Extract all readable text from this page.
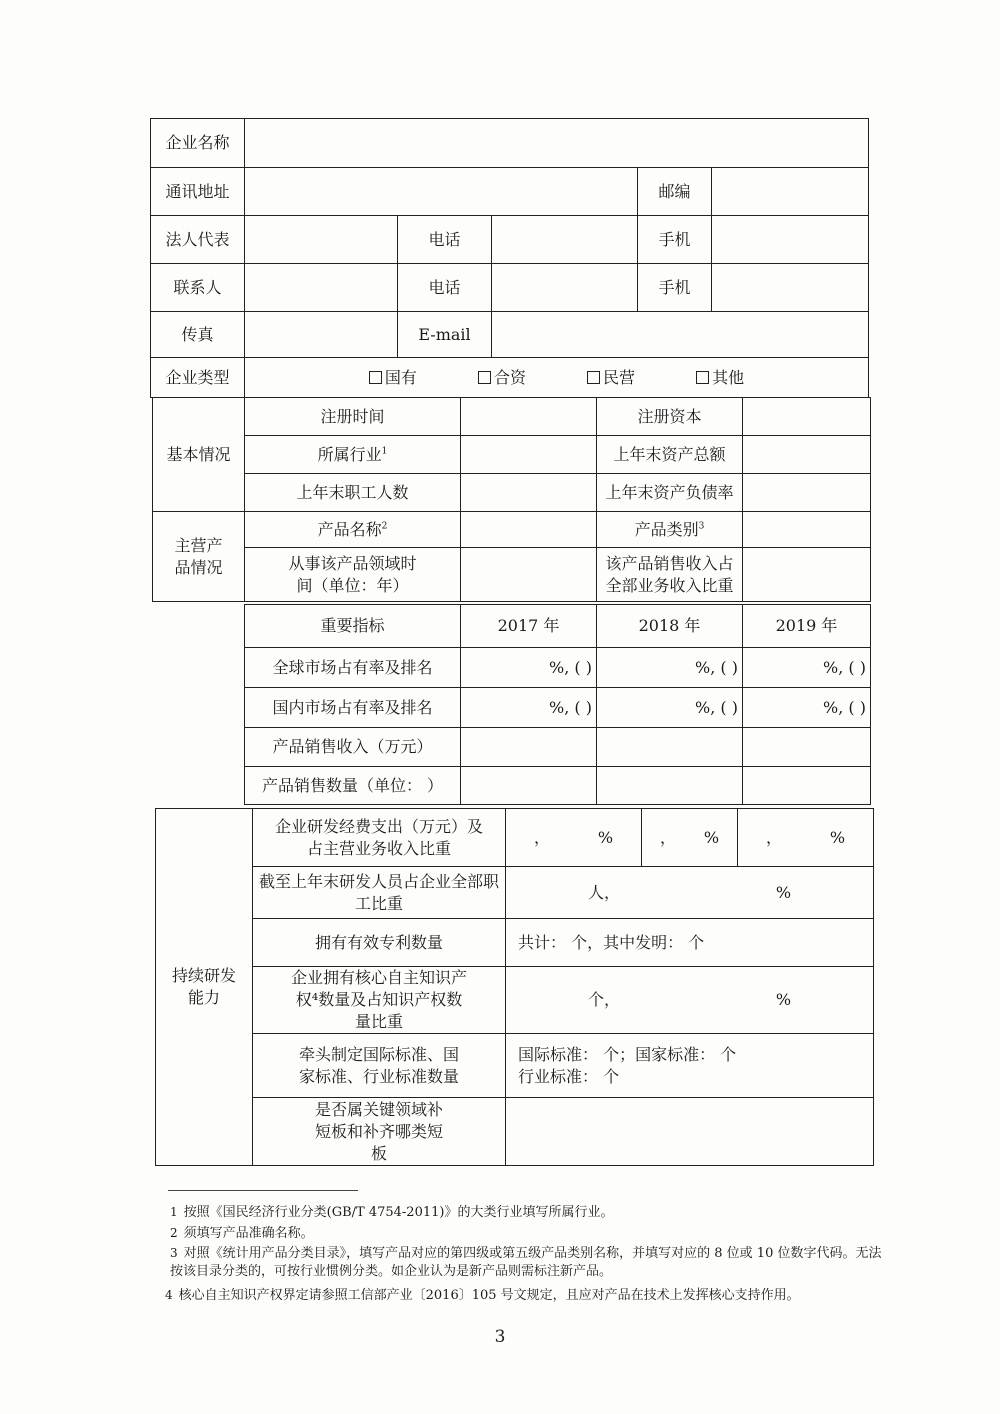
企业名称					
通讯地址				邮编	
法人代表		电话		手机	
联系人		电话		手机	
传真		E-mail			
企业类型	国有 合资 民营 其他				
基本情况	注册时间		注册资本	
	所属行业$^1$		上年末资产总额	
	上年末职工人数		上年末资产负债率	
主营产品情况	产品名称$^2$		产品类别$^3$	
	从事该产品领域时间（单位：年）		该产品销售收入占全部业务收入比重	
重要指标	2017 年	2018 年	2019 年
全球市场占有率及排名	%, ( )	%, ( )	%, ( )
国内市场占有率及排名	%, ( )	%, ( )	%, ( )
产品销售收入（万元）			
产品销售数量（单位： ）			
持续研发能力	企业研发经费支出（万元）及占主营业务收入比重	， %	， %	， %

	截至上年末研发人员占企业全部职工比重	人， %		

	拥有有效专利数量	共计： 个，其中发明： 个		
	企业拥有核心自主知识产权⁴数量及占知识产权数量比重	个， %		

	牵头制定国际标准、国家标准、行业标准数量	国际标准： 个；国家标准： 个
行业标准： 个		

	是否属关键领域补短板和补齐哪类短板			
1 按照《国民经济行业分类(GB/T 4754-2011)》的大类行业填写所属行业。
2 须填写产品准确名称。
3 对照《统计用产品分类目录》，填写产品对应的第四级或第五级产品类别名称，并填写对应的 8 位或 10 位数字代码。无法按该目录分类的，可按行业惯例分类。如企业认为是新产品则需标注新产品。
4 核心自主知识产权界定请参照工信部产业〔2016〕105 号文规定，且应对产品在技术上发挥核心支持作用。
3
